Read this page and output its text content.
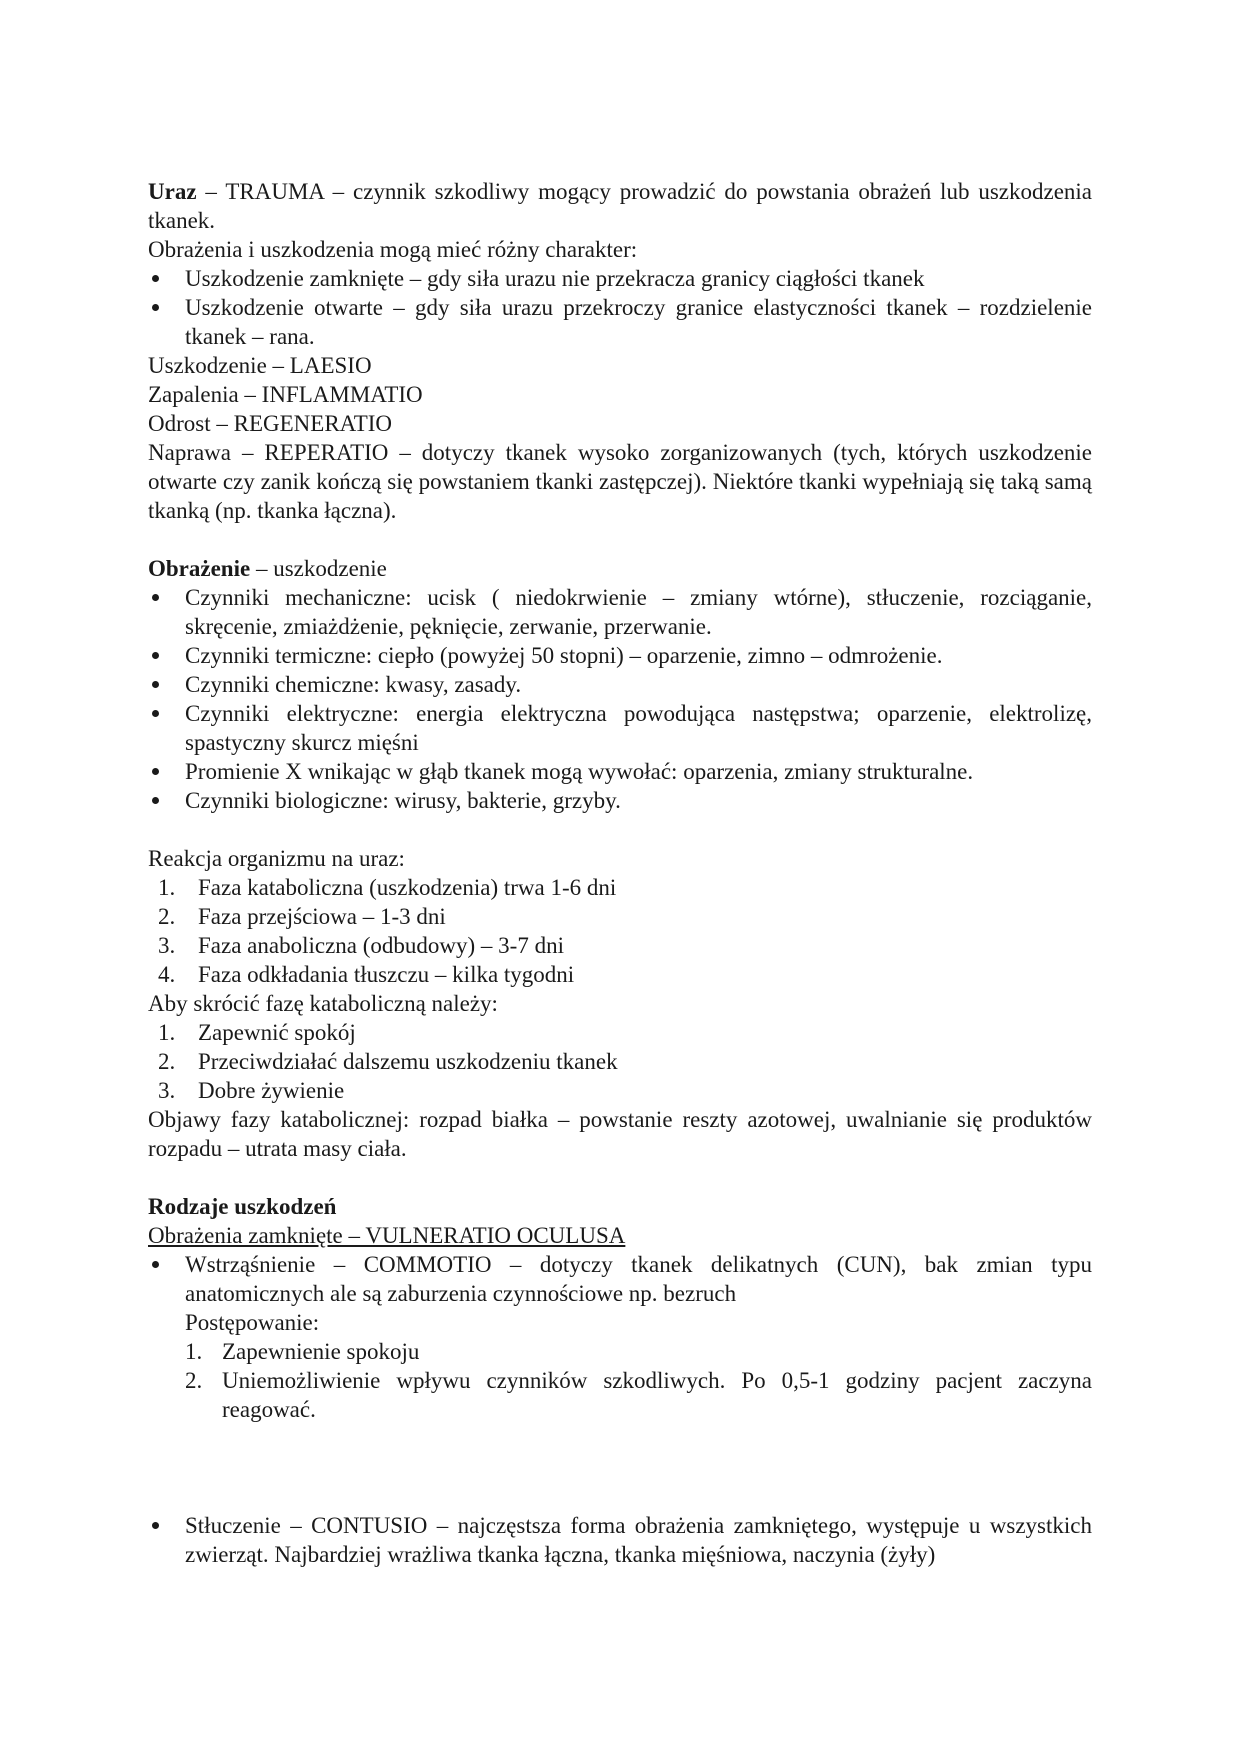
Uraz – TRAUMA – czynnik szkodliwy mogący prowadzić do powstania obrażeń lub uszkodzenia tkanek.

Obrażenia i uszkodzenia mogą mieć różny charakter:

Uszkodzenie zamknięte – gdy siła urazu nie przekracza granicy ciągłości tkanek
Uszkodzenie otwarte – gdy siła urazu przekroczy granice elastyczności tkanek – rozdzielenie tkanek – rana.

Uszkodzenie – LAESIO

Zapalenia – INFLAMMATIO

Odrost – REGENERATIO

Naprawa – REPERATIO – dotyczy tkanek wysoko zorganizowanych (tych, których uszkodzenie otwarte czy zanik kończą się powstaniem tkanki zastępczej). Niektóre tkanki wypełniają się taką samą tkanką (np. tkanka łączna).

Obrażenie – uszkodzenie

Czynniki mechaniczne: ucisk ( niedokrwienie – zmiany wtórne), stłuczenie, rozciąganie, skręcenie, zmiażdżenie, pęknięcie, zerwanie, przerwanie.
Czynniki termiczne: ciepło (powyżej 50 stopni) – oparzenie, zimno – odmrożenie.
Czynniki chemiczne: kwasy, zasady.
Czynniki elektryczne: energia elektryczna powodująca następstwa; oparzenie, elektrolizę, spastyczny skurcz mięśni
Promienie X wnikając w głąb tkanek mogą wywołać: oparzenia, zmiany strukturalne.
Czynniki biologiczne: wirusy, bakterie, grzyby.

Reakcja organizmu na uraz:

1. Faza kataboliczna (uszkodzenia) trwa 1-6 dni
2. Faza przejściowa – 1-3 dni
3. Faza anaboliczna (odbudowy) – 3-7 dni
4. Faza odkładania tłuszczu – kilka tygodni

Aby skrócić fazę kataboliczną należy:

1. Zapewnić spokój
2. Przeciwdziałać dalszemu uszkodzeniu tkanek
3. Dobre żywienie

Objawy fazy katabolicznej: rozpad białka – powstanie reszty azotowej, uwalnianie się produktów rozpadu – utrata masy ciała.

Rodzaje uszkodzeń

Obrażenia zamknięte – VULNERATIO OCULUSA

Wstrząśnienie – COMMOTIO – dotyczy tkanek delikatnych (CUN), bak zmian typu anatomicznych ale są zaburzenia czynnościowe np. bezruch
Postępowanie:
1. Zapewnienie spokoju
2. Uniemożliwienie wpływu czynników szkodliwych. Po 0,5-1 godziny pacjent zaczyna reagować.
Stłuczenie – CONTUSIO – najczęstsza forma obrażenia zamkniętego, występuje u wszystkich zwierząt. Najbardziej wrażliwa tkanka łączna, tkanka mięśniowa, naczynia (żyły)
